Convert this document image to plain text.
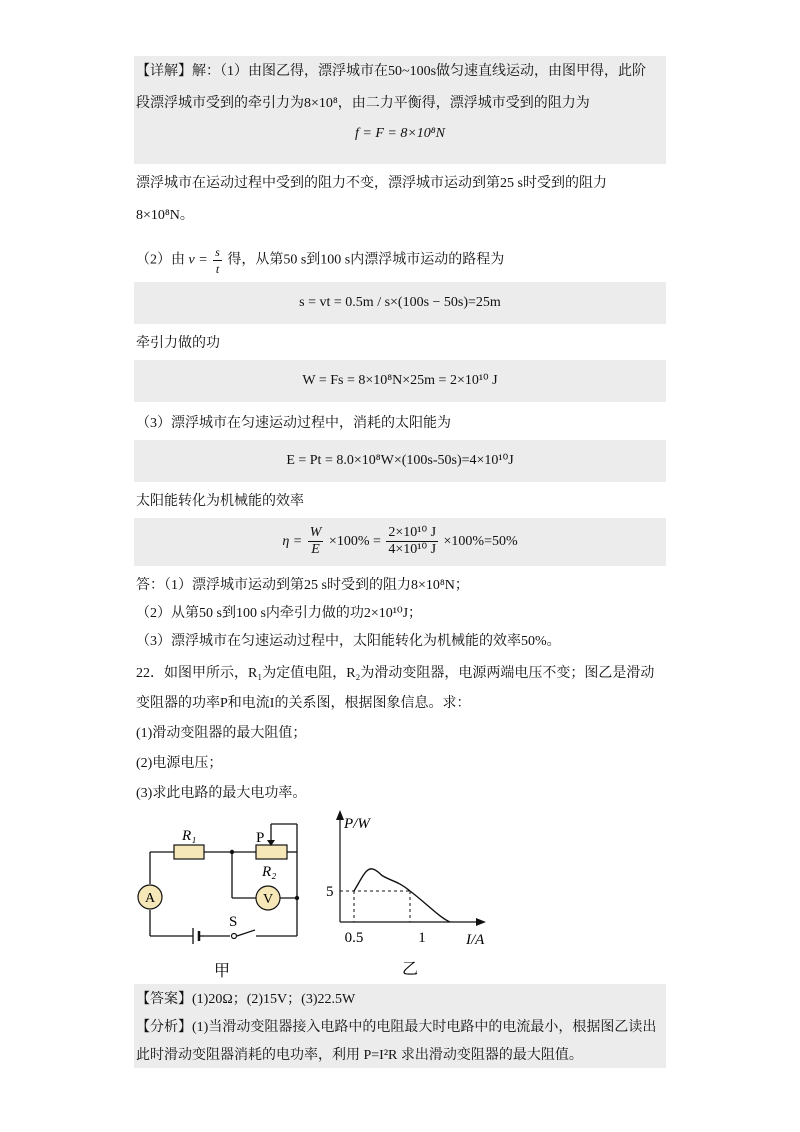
【详解】解：（1）由图乙得，漂浮城市在50~100s做匀速直线运动，由图甲得，此阶
段漂浮城市受到的牵引力为8×10⁸，由二力平衡得，漂浮城市受到的阻力为
f = F = 8×10⁸N
漂浮城市在运动过程中受到的阻力不变，漂浮城市运动到第25 s时受到的阻力
8×10⁸N。
（2）由 $v = \frac{s}{t}$ 得，从第50 s到100 s内漂浮城市运动的路程为
s = vt = 0.5m / s×(100s − 50s)=25m
牵引力做的功
W = Fs = 8×10⁸N×25m = 2×10¹⁰ J
（3）漂浮城市在匀速运动过程中，消耗的太阳能为
E = Pt = 8.0×10⁸W×(100s-50s)=4×10¹⁰J
太阳能转化为机械能的效率
$\eta = \frac{W}{E} \times 100\% = \frac{\text{2×10¹⁰ J}}{\text{4×10¹⁰ J}} \times 100\%=50\%$
答：（1）漂浮城市运动到第25 s时受到的阻力8×10⁸N；
（2）从第50 s到100 s内牵引力做的功2×10¹⁰J；
（3）漂浮城市在匀速运动过程中，太阳能转化为机械能的效率50%。
22．如图甲所示，R₁为定值电阻，R₂为滑动变阻器，电源两端电压不变；图乙是滑动
变阻器的功率P和电流I的关系图，根据图象信息。求：
(1)滑动变阻器的最大阻值；
(2)电源电压；
(3)求此电路的最大电功率。
A	V
R₁	P
R₂
S
甲
P/W
I/A
5
0.5	1
乙
【答案】(1)20Ω；(2)15V；(3)22.5W
【分析】(1)当滑动变阻器接入电路中的电阻最大时电路中的电流最小，根据图乙读出
此时滑动变阻器消耗的电功率，利用 P=I²R 求出滑动变阻器的最大阻值。
